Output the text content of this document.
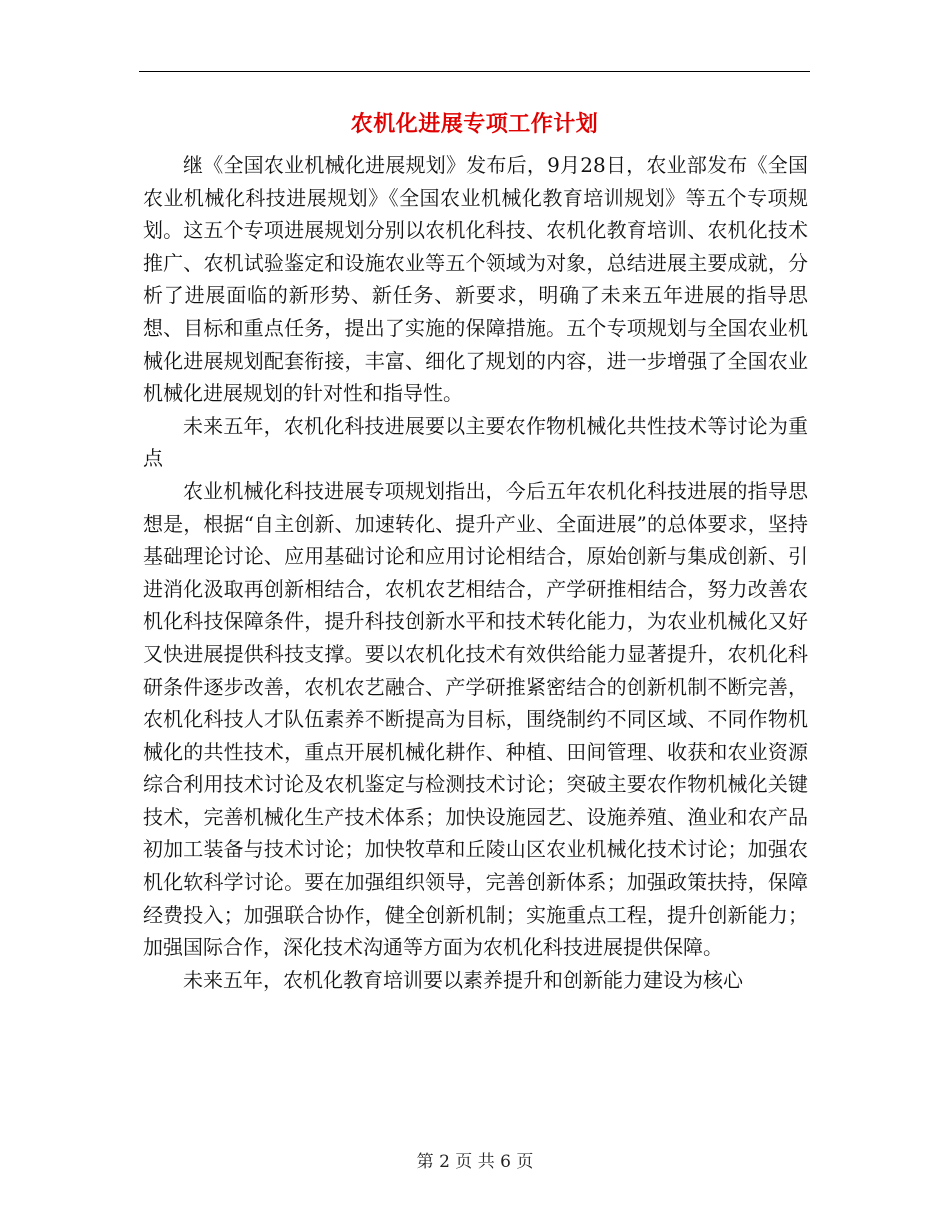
农机化进展专项工作计划

继《全国农业机械化进展规划》发布后，9月28日，农业部发布《全国农业机械化科技进展规划》《全国农业机械化教育培训规划》等五个专项规划。这五个专项进展规划分别以农机化科技、农机化教育培训、农机化技术推广、农机试验鉴定和设施农业等五个领域为对象，总结进展主要成就，分析了进展面临的新形势、新任务、新要求，明确了未来五年进展的指导思想、目标和重点任务，提出了实施的保障措施。五个专项规划与全国农业机械化进展规划配套衔接，丰富、细化了规划的内容，进一步增强了全国农业机械化进展规划的针对性和指导性。

未来五年，农机化科技进展要以主要农作物机械化共性技术等讨论为重点

农业机械化科技进展专项规划指出，今后五年农机化科技进展的指导思想是，根据“自主创新、加速转化、提升产业、全面进展”的总体要求，坚持基础理论讨论、应用基础讨论和应用讨论相结合，原始创新与集成创新、引进消化汲取再创新相结合，农机农艺相结合，产学研推相结合，努力改善农机化科技保障条件，提升科技创新水平和技术转化能力，为农业机械化又好又快进展提供科技支撑。要以农机化技术有效供给能力显著提升，农机化科研条件逐步改善，农机农艺融合、产学研推紧密结合的创新机制不断完善，农机化科技人才队伍素养不断提高为目标，围绕制约不同区域、不同作物机械化的共性技术，重点开展机械化耕作、种植、田间管理、收获和农业资源综合利用技术讨论及农机鉴定与检测技术讨论；突破主要农作物机械化关键技术，完善机械化生产技术体系；加快设施园艺、设施养殖、渔业和农产品初加工装备与技术讨论；加快牧草和丘陵山区农业机械化技术讨论；加强农机化软科学讨论。要在加强组织领导，完善创新体系；加强政策扶持，保障经费投入；加强联合协作，健全创新机制；实施重点工程，提升创新能力；加强国际合作，深化技术沟通等方面为农机化科技进展提供保障。

未来五年，农机化教育培训要以素养提升和创新能力建设为核心

第 2 页 共 6 页
